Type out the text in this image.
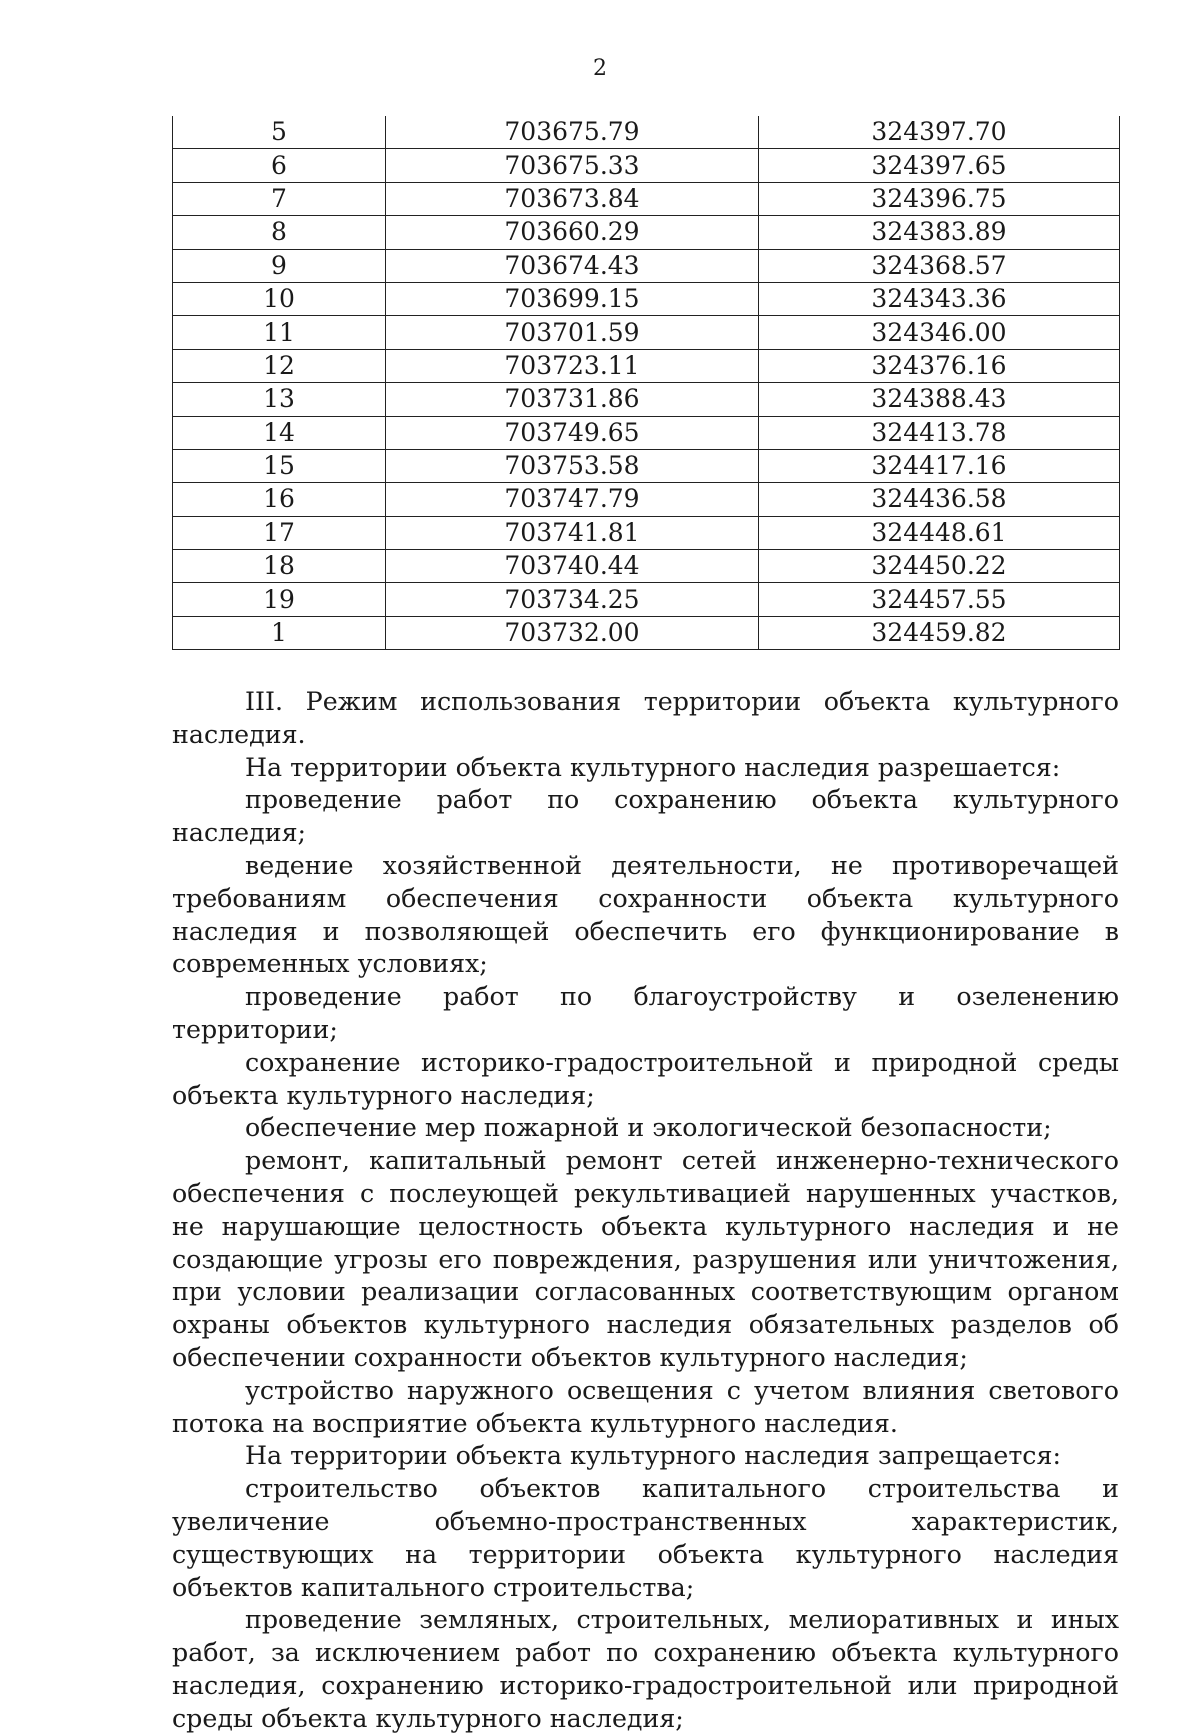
2
5	703675.79	324397.70
6	703675.33	324397.65
7	703673.84	324396.75
8	703660.29	324383.89
9	703674.43	324368.57
10	703699.15	324343.36
11	703701.59	324346.00
12	703723.11	324376.16
13	703731.86	324388.43
14	703749.65	324413.78
15	703753.58	324417.16
16	703747.79	324436.58
17	703741.81	324448.61
18	703740.44	324450.22
19	703734.25	324457.55
1	703732.00	324459.82

III. Режим использования территории объекта культурного наследия.

На территории объекта культурного наследия разрешается:

проведение работ по сохранению объекта культурного наследия;

ведение хозяйственной деятельности, не противоречащей требованиям обеспечения сохранности объекта культурного наследия и позволяющей обеспечить его функционирование в современных условиях;

проведение работ по благоустройству и озеленению территории;

сохранение историко-градостроительной и природной среды объекта культурного наследия;

обеспечение мер пожарной и экологической безопасности;

ремонт, капитальный ремонт сетей инженерно-технического обеспечения с послеующей рекультивацией нарушенных участков, не нарушающие целостность объекта культурного наследия и не создающие угрозы его повреждения, разрушения или уничтожения, при условии реализации согласованных соответствующим органом охраны объектов культурного наследия обязательных разделов об обеспечении сохранности объектов культурного наследия;

устройство наружного освещения с учетом влияния светового потока на восприятие объекта культурного наследия.

На территории объекта культурного наследия запрещается:

строительство объектов капитального строительства и увеличение объемно-пространственных характеристик, существующих на территории объекта культурного наследия объектов капитального строительства;

проведение земляных, строительных, мелиоративных и иных работ, за исключением работ по сохранению объекта культурного наследия, сохранению историко-градостроительной или природной среды объекта культурного наследия;
